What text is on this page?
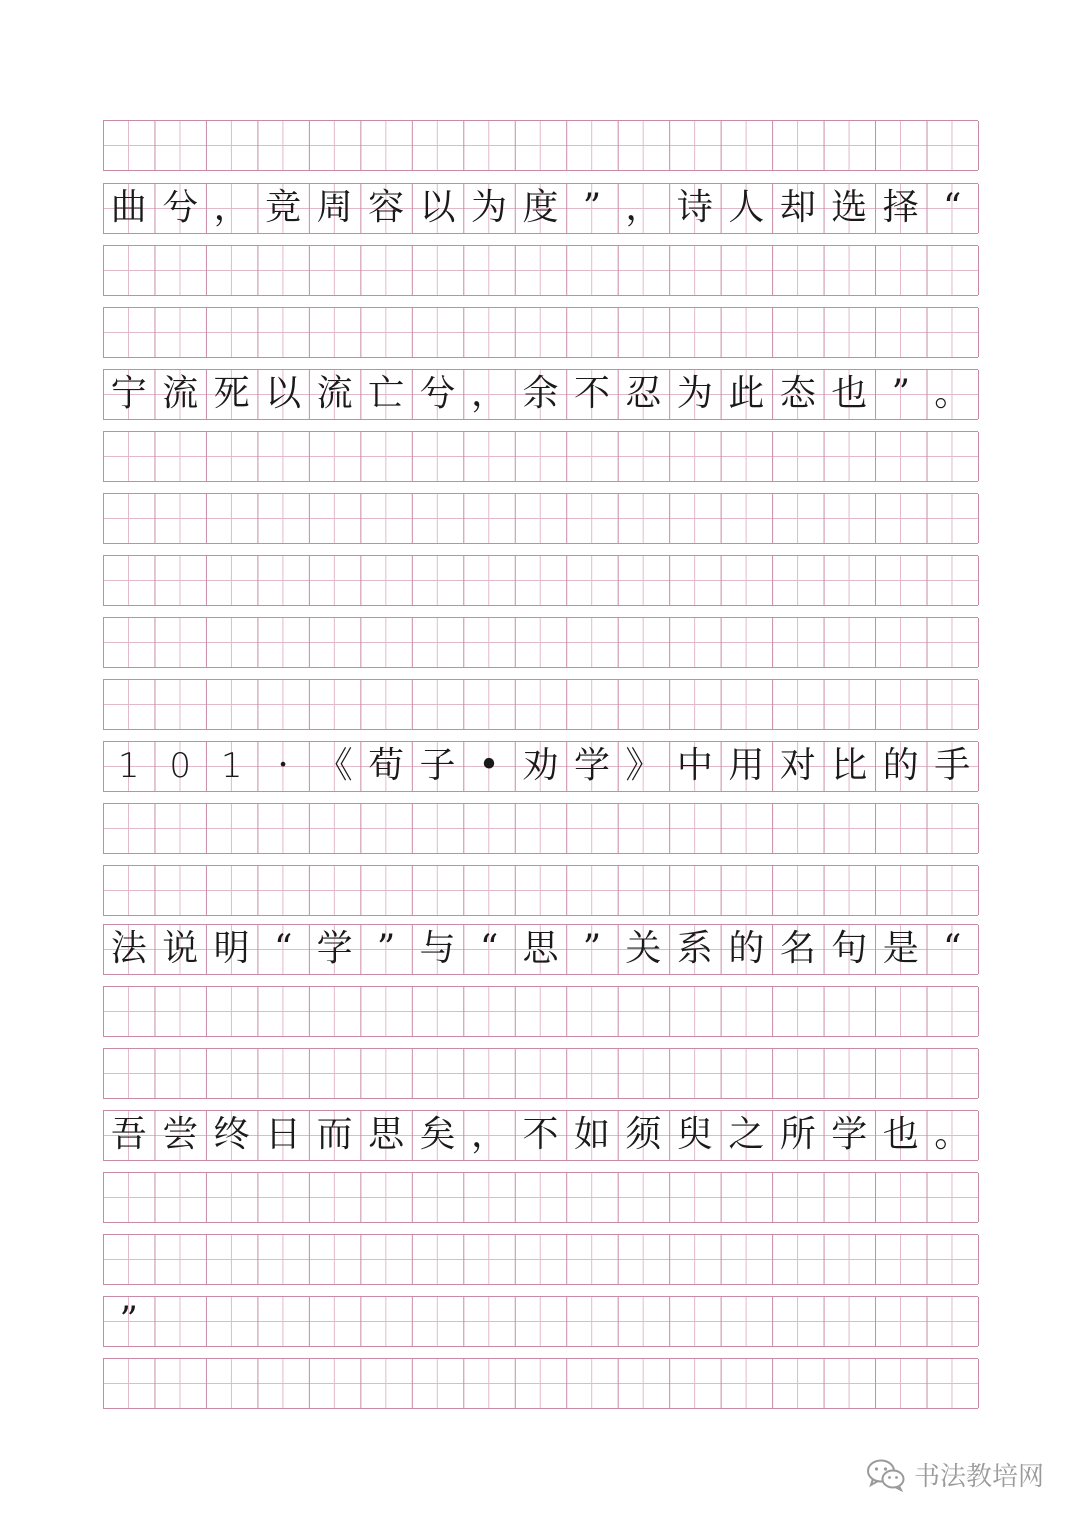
曲 兮 ， 竞 周 容 以 为 度 ” ， 诗 人 却 选 择 “
宁 流 死 以 流 亡 兮 ， 余 不 忍 为 此 态 也 ” 。
1 0 1 · 《 荀 子 • 劝 学 》 中 用 对 比 的 手
法 说 明 “ 学 ” 与 “ 思 ” 关 系 的 名 句 是 “
吾 尝 终 日 而 思 矣 ， 不 如 须 臾 之 所 学 也 。
”
书法教培网
